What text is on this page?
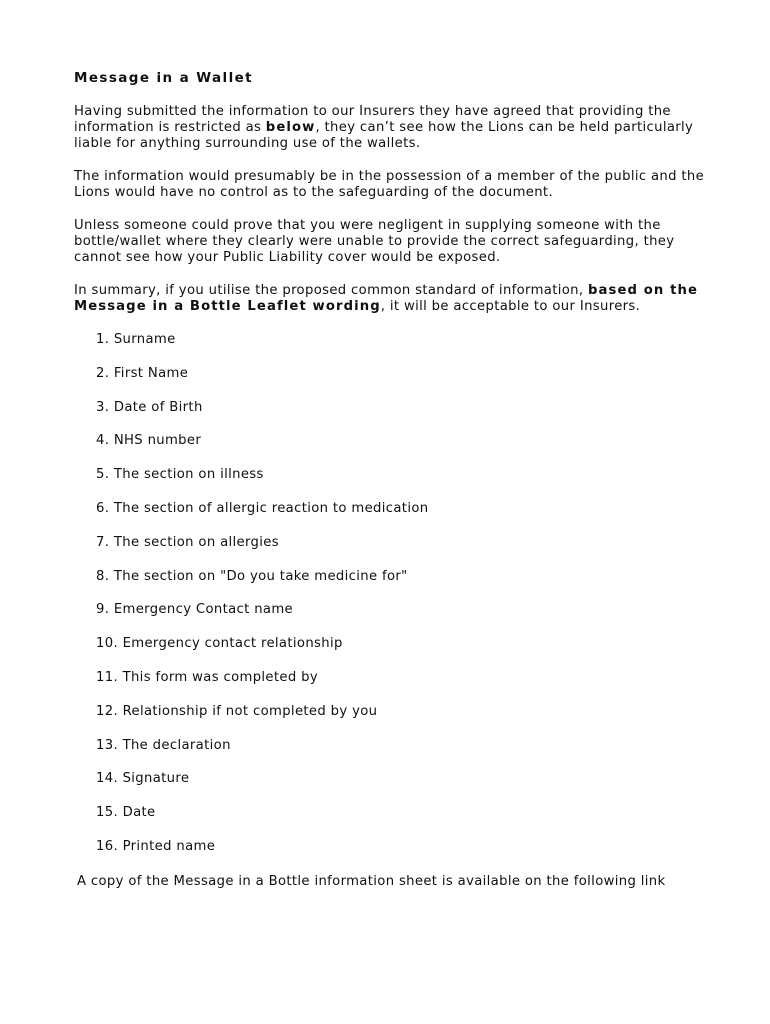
Message in a Wallet

Having submitted the information to our Insurers they have agreed that providing the information is restricted as below, they can’t see how the Lions can be held particularly liable for anything surrounding use of the wallets.

The information would presumably be in the possession of a member of the public and the Lions would have no control as to the safeguarding of the document.

Unless someone could prove that you were negligent in supplying someone with the bottle/wallet where they clearly were unable to provide the correct safeguarding, they cannot see how your Public Liability cover would be exposed.

In summary, if you utilise the proposed common standard of information, based on the Message in a Bottle Leaflet wording, it will be acceptable to our Insurers.

1. Surname
2. First Name
3. Date of Birth
4. NHS number
5. The section on illness
6. The section of allergic reaction to medication
7. The section on allergies
8. The section on "Do you take medicine for"
9. Emergency Contact name
10. Emergency contact relationship
11. This form was completed by
12. Relationship if not completed by you
13. The declaration
14. Signature
15. Date
16. Printed name

A copy of the Message in a Bottle information sheet is available on the following link
